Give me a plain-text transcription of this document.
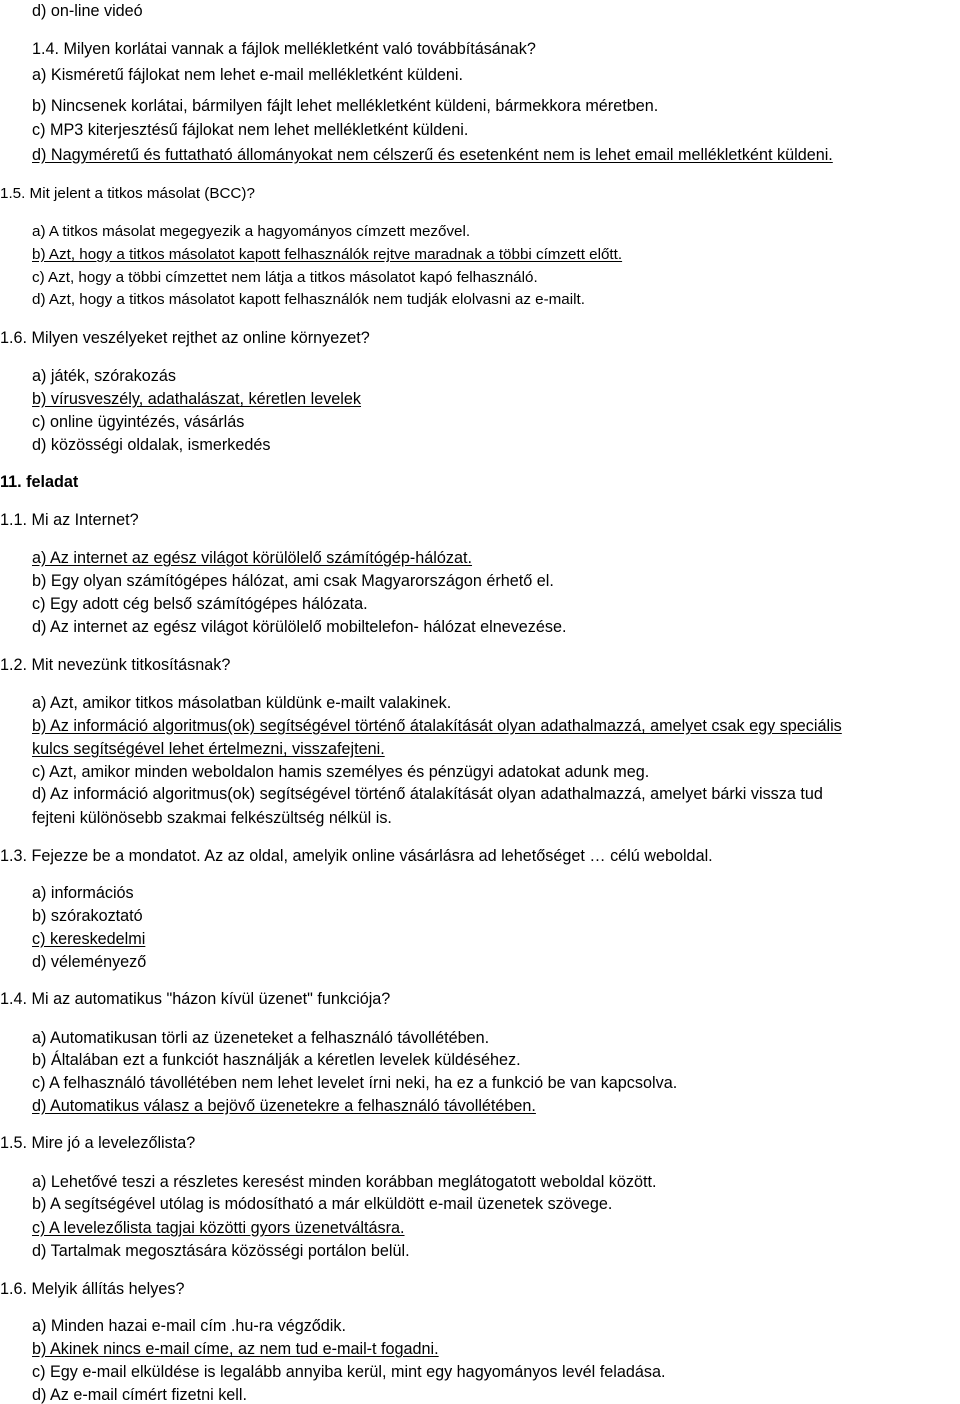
d) on-line videó
1.4. Milyen korlátai vannak a fájlok mellékletként való továbbításának?
a) Kisméretű fájlokat nem lehet e-mail mellékletként küldeni.
b) Nincsenek korlátai, bármilyen fájlt lehet mellékletként küldeni, bármekkora méretben.
c) MP3 kiterjesztésű fájlokat nem lehet mellékletként küldeni.
d) Nagyméretű és futtatható állományokat nem célszerű és esetenként nem is lehet email mellékletként küldeni.
1.5. Mit jelent a titkos másolat (BCC)?
a) A titkos másolat megegyezik a hagyományos címzett mezővel.
b) Azt, hogy a titkos másolatot kapott felhasználók rejtve maradnak a többi címzett előtt.
c) Azt, hogy a többi címzettet nem látja a titkos másolatot kapó felhasználó.
d) Azt, hogy a titkos másolatot kapott felhasználók nem tudják elolvasni az e-mailt.
1.6. Milyen veszélyeket rejthet az online környezet?
a) játék, szórakozás
b) vírusveszély, adathalászat, kéretlen levelek
c) online ügyintézés, vásárlás
d) közösségi oldalak, ismerkedés
11. feladat
1.1. Mi az Internet?
a) Az internet az egész világot körülölelő számítógép-hálózat.
b) Egy olyan számítógépes hálózat, ami csak Magyarországon érhető el.
c) Egy adott cég belső számítógépes hálózata.
d) Az internet az egész világot körülölelő mobiltelefon- hálózat elnevezése.
1.2. Mit nevezünk titkosításnak?
a) Azt, amikor titkos másolatban küldünk e-mailt valakinek.
b) Az információ algoritmus(ok) segítségével történő átalakítását olyan adathalmazzá, amelyet csak egy speciális
kulcs segítségével lehet értelmezni, visszafejteni.
c) Azt, amikor minden weboldalon hamis személyes és pénzügyi adatokat adunk meg.
d) Az információ algoritmus(ok) segítségével történő átalakítását olyan adathalmazzá, amelyet bárki vissza tud
fejteni különösebb szakmai felkészültség nélkül is.
1.3. Fejezze be a mondatot. Az az oldal, amelyik online vásárlásra ad lehetőséget … célú weboldal.
a) információs
b) szórakoztató
c) kereskedelmi
d) véleményező
1.4. Mi az automatikus "házon kívül üzenet" funkciója?
a) Automatikusan törli az üzeneteket a felhasználó távollétében.
b) Általában ezt a funkciót használják a kéretlen levelek küldéséhez.
c) A felhasználó távollétében nem lehet levelet írni neki, ha ez a funkció be van kapcsolva.
d) Automatikus válasz a bejövő üzenetekre a felhasználó távollétében.
1.5. Mire jó a levelezőlista?
a) Lehetővé teszi a részletes keresést minden korábban meglátogatott weboldal között.
b) A segítségével utólag is módosítható a már elküldött e-mail üzenetek szövege.
c) A levelezőlista tagjai közötti gyors üzenetváltásra.
d) Tartalmak megosztására közösségi portálon belül.
1.6. Melyik állítás helyes?
a) Minden hazai e-mail cím .hu-ra végződik.
b) Akinek nincs e-mail címe, az nem tud e-mail-t fogadni.
c) Egy e-mail elküldése is legalább annyiba kerül, mint egy hagyományos levél feladása.
d) Az e-mail címért fizetni kell.
